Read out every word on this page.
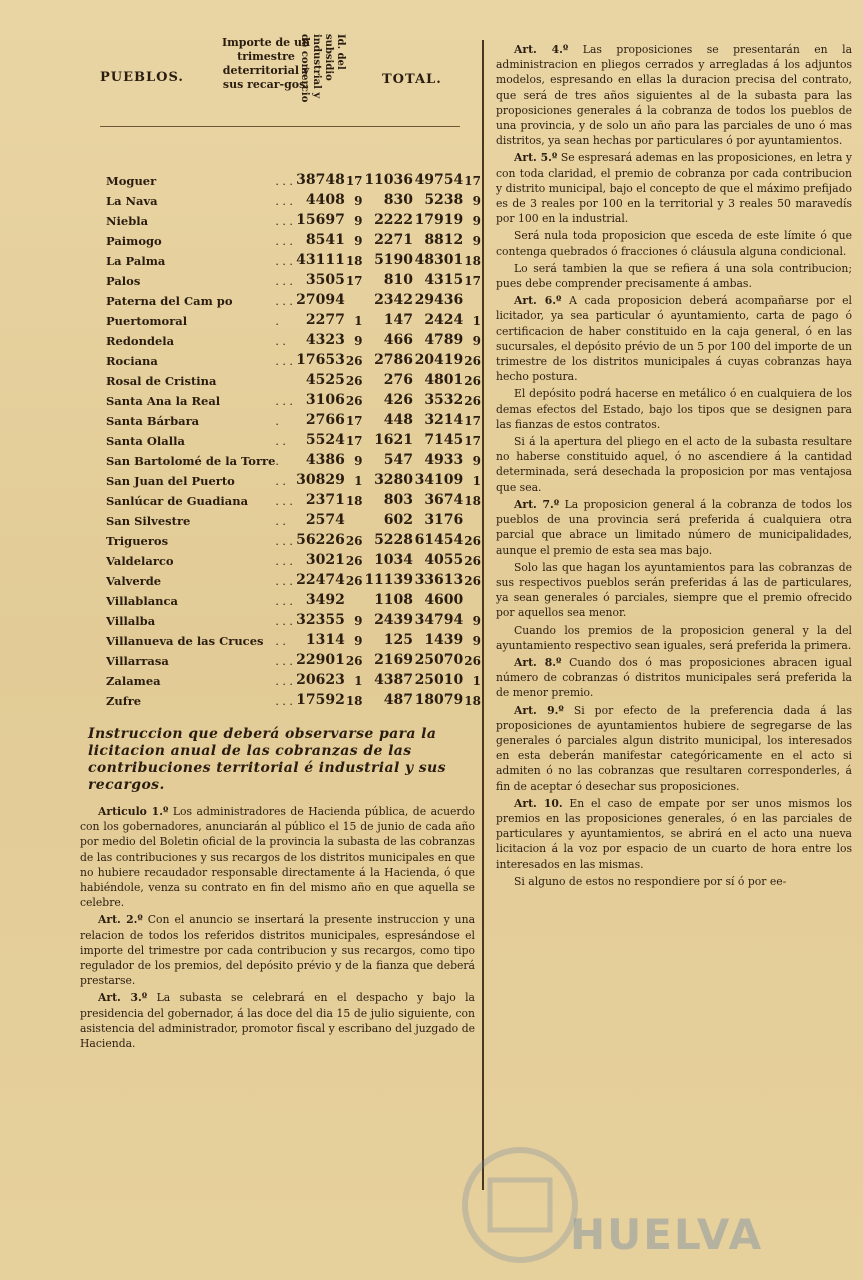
PUEBLOS.
Importe de un trimestre deterritorial y sus recar-gos.
Id. del subsidio industrial y de comercio	TOTAL.
Moguer	. . .	38748	17	11036	49754	17
La Nava	. . .	4408	9	830	5238	9
Niebla	. . .	15697	9	2222	17919	9
Paimogo	. . .	8541	9	2271	8812	9
La Palma	. . .	43111	18	5190	48301	18
Palos	. . .	3505	17	810	4315	17
Paterna del Cam po	. . .	27094		2342	29436	
Puertomoral	.	2277	1	147	2424	1
Redondela	. .	4323	9	466	4789	9
Rociana	. . .	17653	26	2786	20419	26
Rosal de Cristina		4525	26	276	4801	26
Santa Ana la Real	. . .	3106	26	426	3532	26
Santa Bárbara	.	2766	17	448	3214	17
Santa Olalla	. .	5524	17	1621	7145	17
San Bartolomé de la Torre	.	4386	9	547	4933	9
San Juan del Puerto	. .	30829	1	3280	34109	1
Sanlúcar de Guadiana	. . .	2371	18	803	3674	18
San Silvestre	. .	2574		602	3176	
Trigueros	. . .	56226	26	5228	61454	26
Valdelarco	. . .	3021	26	1034	4055	26
Valverde	. . .	22474	26	11139	33613	26
Villablanca	. . .	3492		1108	4600	
Villalba	. . .	32355	9	2439	34794	9
Villanueva de las Cruces	. .	1314	9	125	1439	9
Villarrasa	. . .	22901	26	2169	25070	26
Zalamea	. . .	20623	1	4387	25010	1
Zufre	. . .	17592	18	487	18079	18
Instruccion que deberá observarse para la licitacion anual de las cobranzas de las contribuciones territorial é industrial y sus recargos.

Articulo 1.º Los administradores de Hacienda pública, de acuerdo con los gobernadores, anunciarán al público el 15 de junio de cada año por medio del Boletin oficial de la provincia la subasta de las cobranzas de las contribuciones y sus recargos de los distritos municipales en que no hubiere recaudador responsable directamente á la Hacienda, ó que habiéndole, venza su contrato en fin del mismo año en que aquella se celebre.

Art. 2.º Con el anuncio se insertará la presente instruccion y una relacion de todos los referidos distritos municipales, espresándose el importe del trimestre por cada contribucion y sus recargos, como tipo regulador de los premios, del depósito prévio y de la fianza que deberá prestarse.

Art. 3.º La subasta se celebrará en el despacho y bajo la presidencia del gobernador, á las doce del dia 15 de julio siguiente, con asistencia del administrador, promotor fiscal y escribano del juzgado de Hacienda.

Art. 4.º Las proposiciones se presentarán en la administracion en pliegos cerrados y arregladas á los adjuntos modelos, espresando en ellas la duracion precisa del contrato, que será de tres años siguientes al de la subasta para las proposiciones generales á la cobranza de todos los pueblos de una provincia, y de solo un año para las parciales de uno ó mas distritos, ya sean hechas por particulares ó por ayuntamientos.

Art. 5.º Se espresará ademas en las proposiciones, en letra y con toda claridad, el premio de cobranza por cada contribucion y distrito municipal, bajo el concepto de que el máximo prefijado es de 3 reales por 100 en la territorial y 3 reales 50 maravedís por 100 en la industrial.

Será nula toda proposicion que esceda de este límite ó que contenga quebrados ó fracciones ó cláusula alguna condicional.

Lo será tambien la que se refiera á una sola contribucion; pues debe comprender precisamente á ambas.

Art. 6.º A cada proposicion deberá acompañarse por el licitador, ya sea particular ó ayuntamiento, carta de pago ó certificacion de haber constituido en la caja general, ó en las sucursales, el depósito prévio de un 5 por 100 del importe de un trimestre de los distritos municipales á cuyas cobranzas haya hecho postura.

El depósito podrá hacerse en metálico ó en cualquiera de los demas efectos del Estado, bajo los tipos que se designen para las fianzas de estos contratos.

Si á la apertura del pliego en el acto de la subasta resultare no haberse constituido aquel, ó no ascendiere á la cantidad determinada, será desechada la proposicion por mas ventajosa que sea.

Art. 7.º La proposicion general á la cobranza de todos los pueblos de una provincia será preferida á cualquiera otra parcial que abrace un limitado número de municipalidades, aunque el premio de esta sea mas bajo.

Solo las que hagan los ayuntamientos para las cobranzas de sus respectivos pueblos serán preferidas á las de particulares, ya sean generales ó parciales, siempre que el premio ofrecido por aquellos sea menor.

Cuando los premios de la proposicion general y la del ayuntamiento respectivo sean iguales, será preferida la primera.

Art. 8.º Cuando dos ó mas proposiciones abracen igual número de cobranzas ó distritos municipales será preferida la de menor premio.

Art. 9.º Si por efecto de la preferencia dada á las proposiciones de ayuntamientos hubiere de segregarse de las generales ó parciales algun distrito municipal, los interesados en esta deberán manifestar categóricamente en el acto si admiten ó no las cobranzas que resultaren corresponderles, á fin de aceptar ó desechar sus proposiciones.

Art. 10. En el caso de empate por ser unos mismos los premios en las proposiciones generales, ó en las parciales de particulares y ayuntamientos, se abrirá en el acto una nueva licitacion á la voz por espacio de un cuarto de hora entre los interesados en las mismas.

Si alguno de estos no respondiere por sí ó por ee-

HUELVA
